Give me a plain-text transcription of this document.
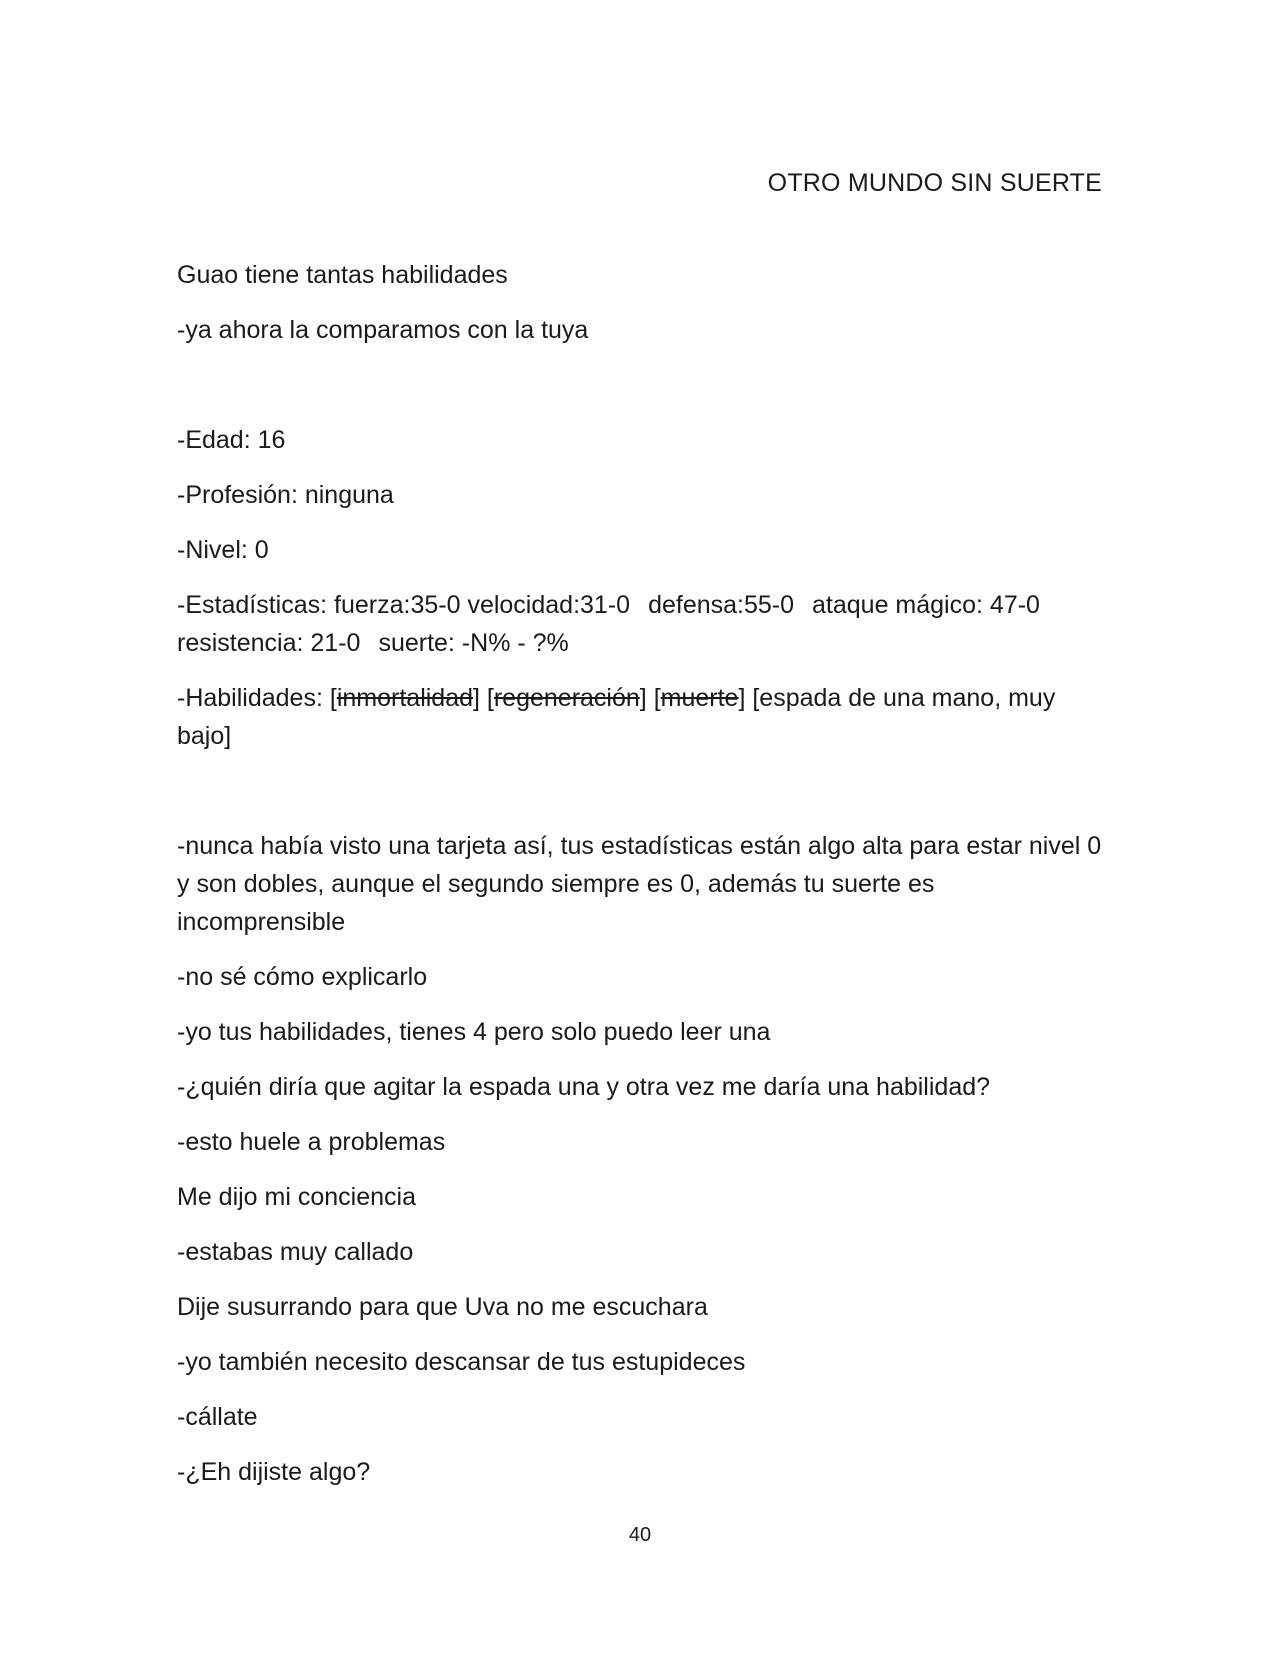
OTRO MUNDO SIN SUERTE

Guao tiene tantas habilidades

-ya ahora la comparamos con la tuya

-Edad: 16

-Profesión: ninguna

-Nivel: 0

-Estadísticas: fuerza:35-0 velocidad:31-0 defensa:55-0 ataque mágico: 47-0
resistencia: 21-0 suerte: -N% - ?%

-Habilidades: [inmortalidad] [regeneración] [muerte] [espada de una mano, muy bajo]

-nunca había visto una tarjeta así, tus estadísticas están algo alta para estar nivel 0 y son dobles, aunque el segundo siempre es 0, además tu suerte es incomprensible

-no sé cómo explicarlo

-yo tus habilidades, tienes 4 pero solo puedo leer una

-¿quién diría que agitar la espada una y otra vez me daría una habilidad?

-esto huele a problemas

Me dijo mi conciencia

-estabas muy callado

Dije susurrando para que Uva no me escuchara

-yo también necesito descansar de tus estupideces

-cállate

-¿Eh dijiste algo?

40
